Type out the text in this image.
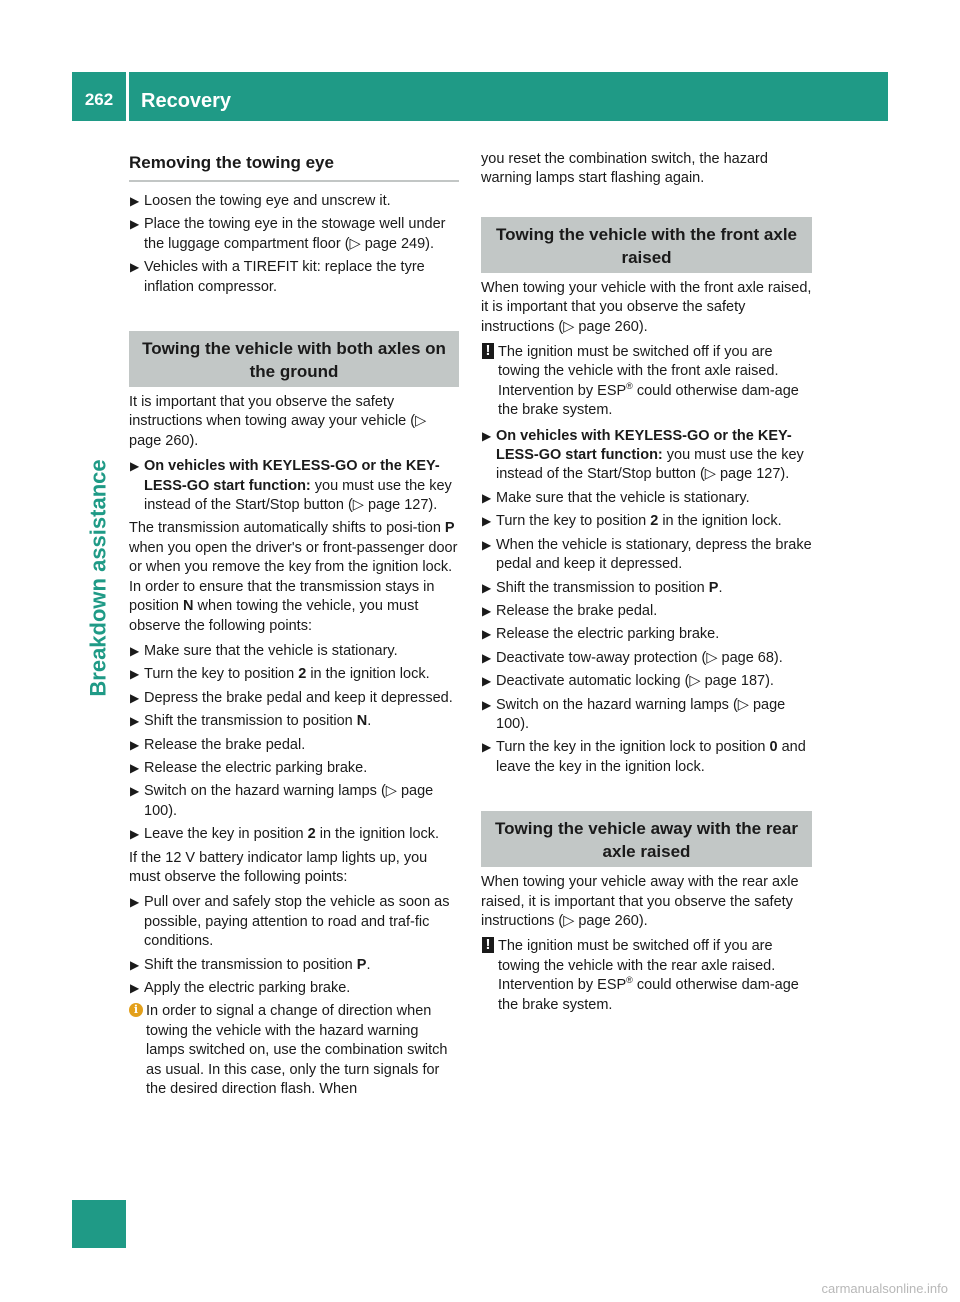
262	Recovery
Breakdown assistance
Removing the towing eye
▶ Loosen the towing eye and unscrew it.
▶ Place the towing eye in the stowage well under the luggage compartment floor (▷ page 249).
▶ Vehicles with a TIREFIT kit: replace the tyre inflation compressor.
Towing the vehicle with both axles on the ground
It is important that you observe the safety instructions when towing away your vehicle (▷ page 260).
▶ On vehicles with KEYLESS-GO or the KEY-LESS-GO start function: you must use the key instead of the Start/Stop button (▷ page 127).
The transmission automatically shifts to posi-tion P when you open the driver's or front-passenger door or when you remove the key from the ignition lock. In order to ensure that the transmission stays in position N when towing the vehicle, you must observe the following points:
▶ Make sure that the vehicle is stationary.
▶ Turn the key to position 2 in the ignition lock.
▶ Depress the brake pedal and keep it depressed.
▶ Shift the transmission to position N.
▶ Release the brake pedal.
▶ Release the electric parking brake.
▶ Switch on the hazard warning lamps (▷ page 100).
▶ Leave the key in position 2 in the ignition lock.
If the 12 V battery indicator lamp lights up, you must observe the following points:
▶ Pull over and safely stop the vehicle as soon as possible, paying attention to road and traf-fic conditions.
▶ Shift the transmission to position P.
▶ Apply the electric parking brake.
i In order to signal a change of direction when towing the vehicle with the hazard warning lamps switched on, use the combination switch as usual. In this case, only the turn signals for the desired direction flash. When
you reset the combination switch, the hazard warning lamps start flashing again.
Towing the vehicle with the front axle raised
When towing your vehicle with the front axle raised, it is important that you observe the safety instructions (▷ page 260).
! The ignition must be switched off if you are towing the vehicle with the front axle raised. Intervention by ESP® could otherwise dam-age the brake system.
▶ On vehicles with KEYLESS-GO or the KEY-LESS-GO start function: you must use the key instead of the Start/Stop button (▷ page 127).
▶ Make sure that the vehicle is stationary.
▶ Turn the key to position 2 in the ignition lock.
▶ When the vehicle is stationary, depress the brake pedal and keep it depressed.
▶ Shift the transmission to position P.
▶ Release the brake pedal.
▶ Release the electric parking brake.
▶ Deactivate tow-away protection (▷ page 68).
▶ Deactivate automatic locking (▷ page 187).
▶ Switch on the hazard warning lamps (▷ page 100).
▶ Turn the key in the ignition lock to position 0 and leave the key in the ignition lock.
Towing the vehicle away with the rear axle raised
When towing your vehicle away with the rear axle raised, it is important that you observe the safety instructions (▷ page 260).
! The ignition must be switched off if you are towing the vehicle with the rear axle raised. Intervention by ESP® could otherwise dam-age the brake system.
carmanualsonline.info
